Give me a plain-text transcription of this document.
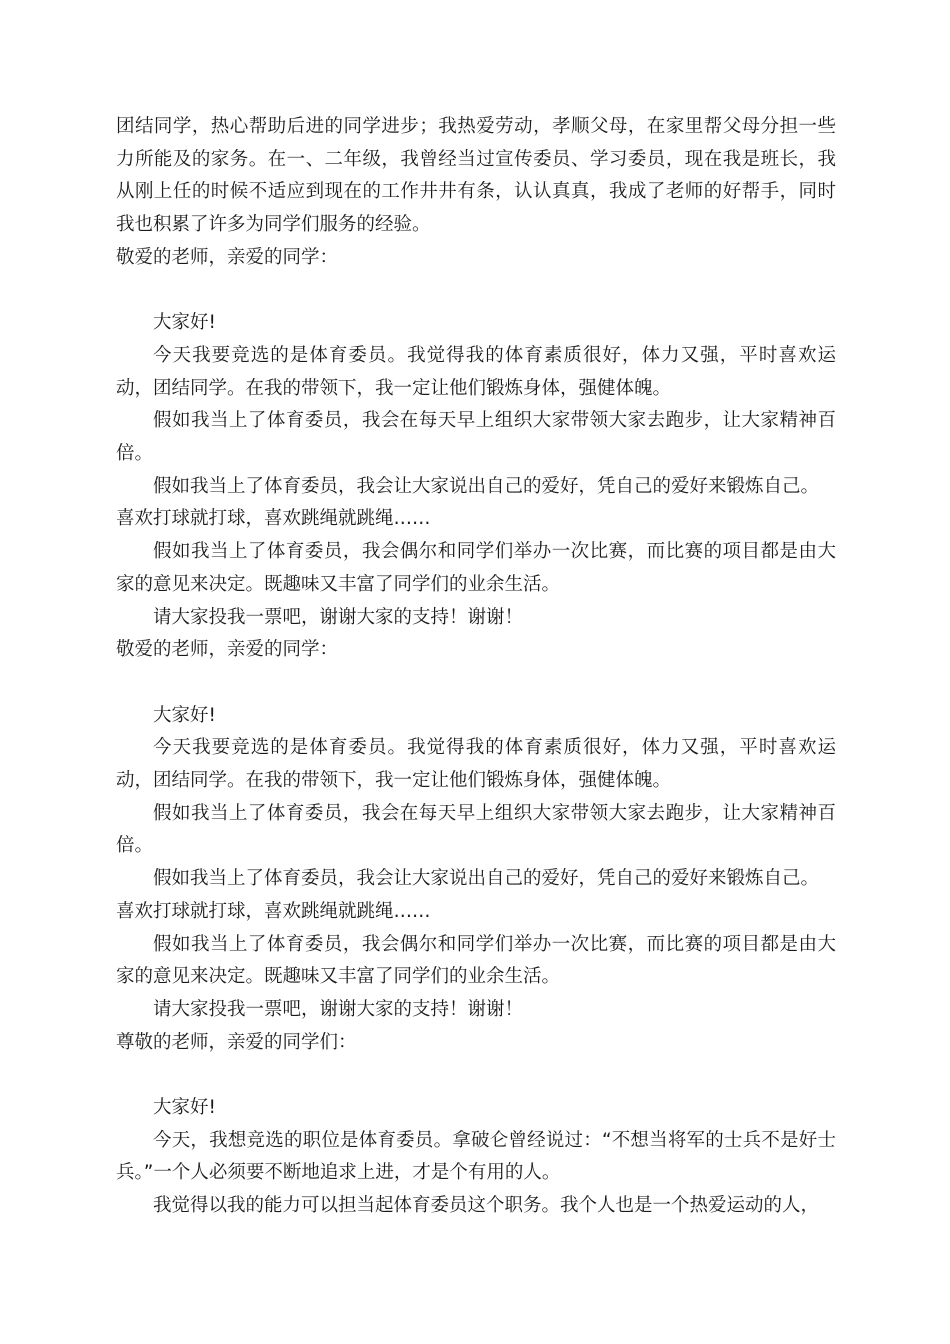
团结同学，热心帮助后进的同学进步；我热爱劳动，孝顺父母，在家里帮父母分担一些力所能及的家务。在一、二年级，我曾经当过宣传委员、学习委员，现在我是班长，我从刚上任的时候不适应到现在的工作井井有条，认认真真，我成了老师的好帮手，同时我也积累了许多为同学们服务的经验。

敬爱的老师，亲爱的同学：

大家好!

今天我要竞选的是体育委员。我觉得我的体育素质很好，体力又强，平时喜欢运动，团结同学。在我的带领下，我一定让他们锻炼身体，强健体魄。

假如我当上了体育委员，我会在每天早上组织大家带领大家去跑步，让大家精神百倍。

假如我当上了体育委员，我会让大家说出自己的爱好，凭自己的爱好来锻炼自己。

喜欢打球就打球，喜欢跳绳就跳绳……

假如我当上了体育委员，我会偶尔和同学们举办一次比赛，而比赛的项目都是由大家的意见来决定。既趣味又丰富了同学们的业余生活。

请大家投我一票吧，谢谢大家的支持！谢谢！

敬爱的老师，亲爱的同学：

大家好!

今天我要竞选的是体育委员。我觉得我的体育素质很好，体力又强，平时喜欢运动，团结同学。在我的带领下，我一定让他们锻炼身体，强健体魄。

假如我当上了体育委员，我会在每天早上组织大家带领大家去跑步，让大家精神百倍。

假如我当上了体育委员，我会让大家说出自己的爱好，凭自己的爱好来锻炼自己。

喜欢打球就打球，喜欢跳绳就跳绳……

假如我当上了体育委员，我会偶尔和同学们举办一次比赛，而比赛的项目都是由大家的意见来决定。既趣味又丰富了同学们的业余生活。

请大家投我一票吧，谢谢大家的支持！谢谢！

尊敬的老师，亲爱的同学们：

大家好!

今天，我想竞选的职位是体育委员。拿破仑曾经说过：“不想当将军的士兵不是好士兵。”一个人必须要不断地追求上进，才是个有用的人。

我觉得以我的能力可以担当起体育委员这个职务。我个人也是一个热爱运动的人，
